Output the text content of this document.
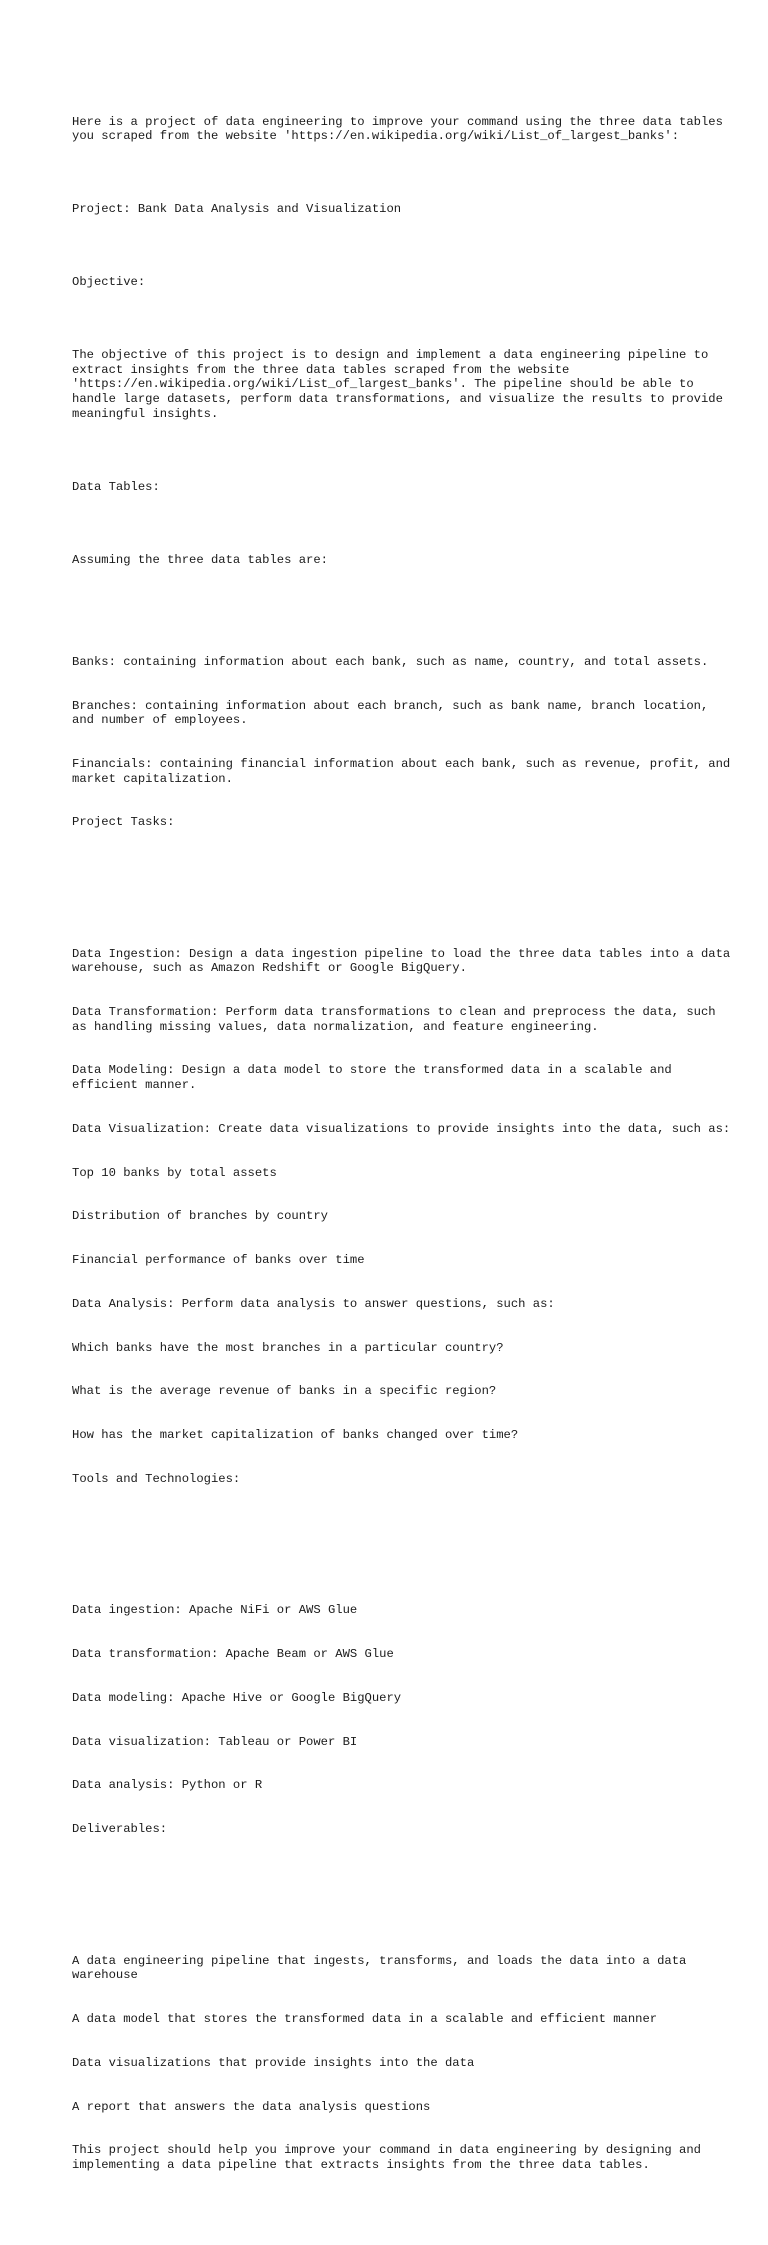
Here is a project of data engineering to improve your command using the three data tables you scraped from the website 'https://en.wikipedia.org/wiki/List_of_largest_banks':

Project: Bank Data Analysis and Visualization

Objective:

The objective of this project is to design and implement a data engineering pipeline to extract insights from the three data tables scraped from the website 'https://en.wikipedia.org/wiki/List_of_largest_banks'. The pipeline should be able to handle large datasets, perform data transformations, and visualize the results to provide meaningful insights.

Data Tables:

Assuming the three data tables are:

Banks: containing information about each bank, such as name, country, and total assets.

Branches: containing information about each branch, such as bank name, branch location, and number of employees.

Financials: containing financial information about each bank, such as revenue, profit, and market capitalization.

Project Tasks:

Data Ingestion: Design a data ingestion pipeline to load the three data tables into a data warehouse, such as Amazon Redshift or Google BigQuery.

Data Transformation: Perform data transformations to clean and preprocess the data, such as handling missing values, data normalization, and feature engineering.

Data Modeling: Design a data model to store the transformed data in a scalable and efficient manner.

Data Visualization: Create data visualizations to provide insights into the data, such as:

Top 10 banks by total assets

Distribution of branches by country

Financial performance of banks over time

Data Analysis: Perform data analysis to answer questions, such as:

Which banks have the most branches in a particular country?

What is the average revenue of banks in a specific region?

How has the market capitalization of banks changed over time?

Tools and Technologies:

Data ingestion: Apache NiFi or AWS Glue

Data transformation: Apache Beam or AWS Glue

Data modeling: Apache Hive or Google BigQuery

Data visualization: Tableau or Power BI

Data analysis: Python or R

Deliverables:

A data engineering pipeline that ingests, transforms, and loads the data into a data warehouse

A data model that stores the transformed data in a scalable and efficient manner

Data visualizations that provide insights into the data

A report that answers the data analysis questions

This project should help you improve your command in data engineering by designing and implementing a data pipeline that extracts insights from the three data tables.
